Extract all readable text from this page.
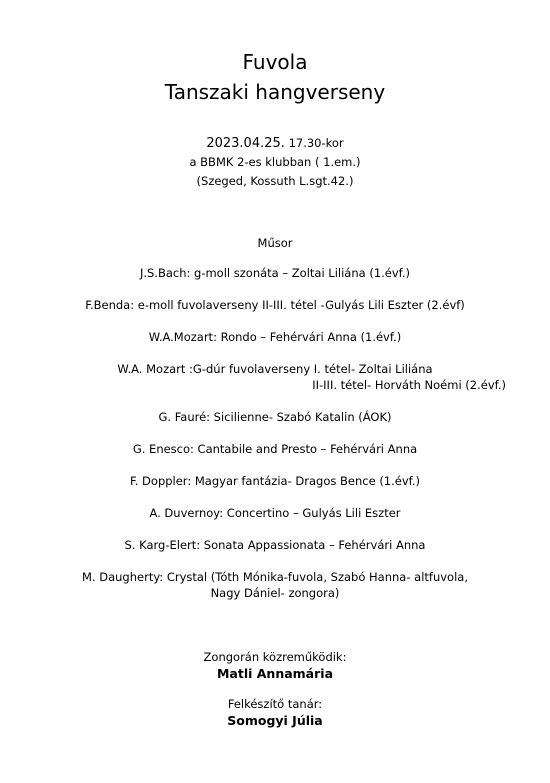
Fuvola
Tanszaki hangverseny
2023.04.25. 17.30-kor
a BBMK 2-es klubban ( 1.em.)
(Szeged, Kossuth L.sgt.42.)
Műsor
J.S.Bach: g-moll szonáta – Zoltai Liliána (1.évf.)
F.Benda: e-moll fuvolaverseny II-III. tétel -Gulyás Lili Eszter (2.évf)
W.A.Mozart: Rondo – Fehérvári Anna (1.évf.)
W.A. Mozart :G-dúr fuvolaverseny I. tétel- Zoltai Liliána
II-III. tétel- Horváth Noémi (2.évf.)
G. Fauré: Sicilienne- Szabó Katalin (ÁOK)
G. Enesco: Cantabile and Presto – Fehérvári Anna
F. Doppler: Magyar fantázia- Dragos Bence (1.évf.)
A. Duvernoy: Concertino – Gulyás Lili Eszter
S. Karg-Elert: Sonata Appassionata – Fehérvári Anna
M. Daugherty: Crystal (Tóth Mónika-fuvola, Szabó Hanna- altfuvola,
Nagy Dániel- zongora)
Zongorán közreműködik:
Matli Annamária
Felkészítő tanár:
Somogyi Júlia
